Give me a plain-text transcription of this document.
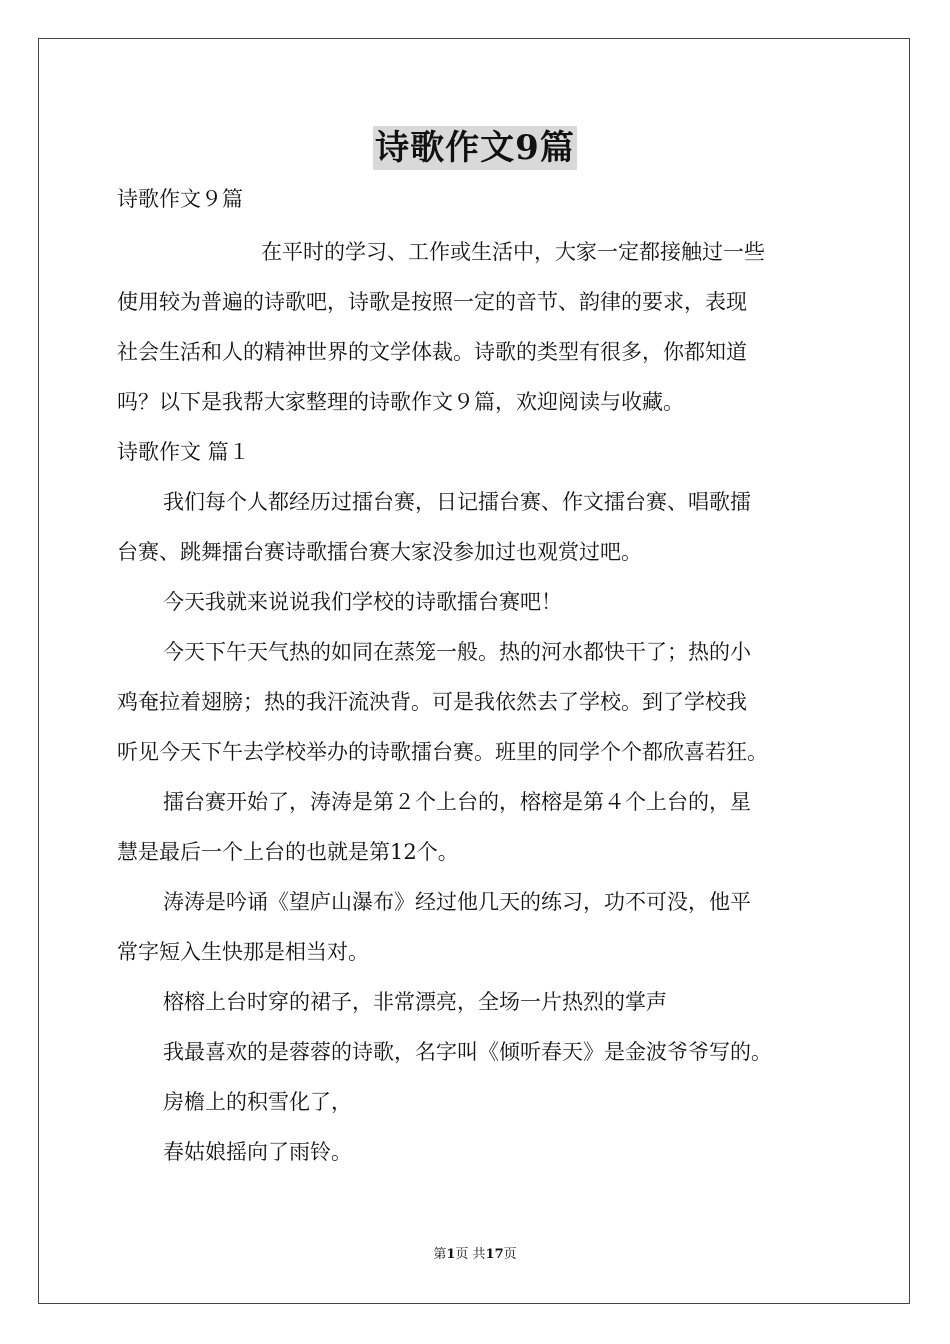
诗歌作文9篇
诗歌作文９篇
在平时的学习、工作或生活中，大家一定都接触过一些
使用较为普遍的诗歌吧，诗歌是按照一定的音节、韵律的要求，表现
社会生活和人的精神世界的文学体裁。诗歌的类型有很多，你都知道
吗？以下是我帮大家整理的诗歌作文９篇，欢迎阅读与收藏。
诗歌作文 篇１
我们每个人都经历过擂台赛，日记擂台赛、作文擂台赛、唱歌擂
台赛、跳舞擂台赛诗歌擂台赛大家没参加过也观赏过吧。
今天我就来说说我们学校的诗歌擂台赛吧！
今天下午天气热的如同在蒸笼一般。热的河水都快干了；热的小
鸡奄拉着翅膀；热的我汗流泱背。可是我依然去了学校。到了学校我
听见今天下午去学校举办的诗歌擂台赛。班里的同学个个都欣喜若狂。
擂台赛开始了，涛涛是第２个上台的，榕榕是第４个上台的，星
慧是最后一个上台的也就是第12个。
涛涛是吟诵《望庐山瀑布》经过他几天的练习，功不可没，他平
常字短入生快那是相当对。
榕榕上台时穿的裙子，非常漂亮，全场一片热烈的掌声
我最喜欢的是蓉蓉的诗歌，名字叫《倾听春天》是金波爷爷写的。
房檐上的积雪化了，
春姑娘摇向了雨铃。
第1页 共17页
